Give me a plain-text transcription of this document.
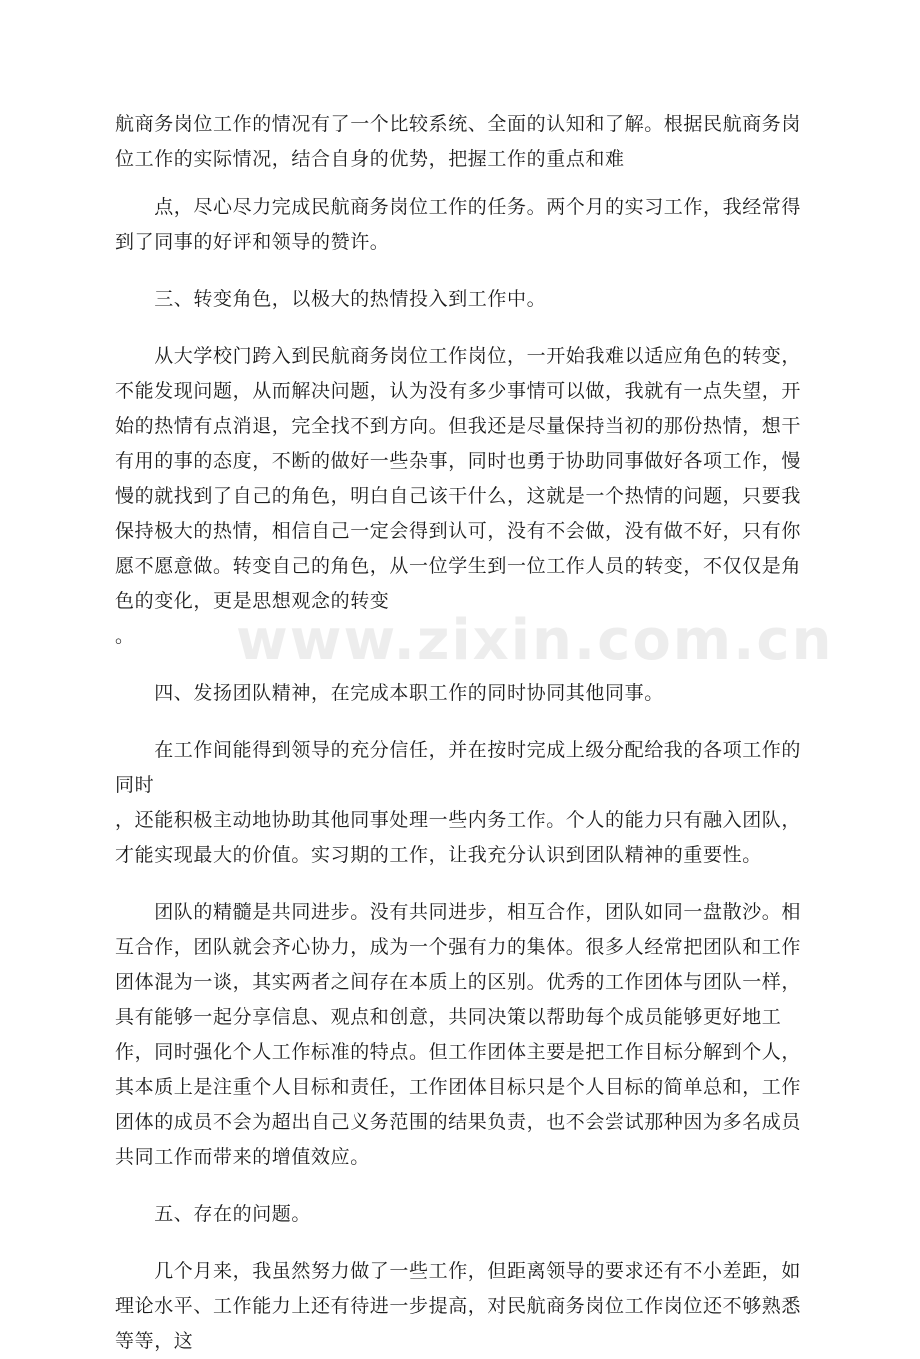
航商务岗位工作的情况有了一个比较系统、全面的认知和了解。根据民航商务岗位工作的实际情况，结合自身的优势，把握工作的重点和难

　　点，尽心尽力完成民航商务岗位工作的任务。两个月的实习工作，我经常得到了同事的好评和领导的赞许。

　　三、转变角色，以极大的热情投入到工作中。

　　从大学校门跨入到民航商务岗位工作岗位，一开始我难以适应角色的转变，不能发现问题，从而解决问题，认为没有多少事情可以做，我就有一点失望，开始的热情有点消退，完全找不到方向。但我还是尽量保持当初的那份热情，想干有用的事的态度，不断的做好一些杂事，同时也勇于协助同事做好各项工作，慢慢的就找到了自己的角色，明白自己该干什么，这就是一个热情的问题，只要我保持极大的热情，相信自己一定会得到认可，没有不会做，没有做不好，只有你愿不愿意做。转变自己的角色，从一位学生到一位工作人员的转变，不仅仅是角色的变化，更是思想观念的转变
。

　　四、发扬团队精神，在完成本职工作的同时协同其他同事。

　　在工作间能得到领导的充分信任，并在按时完成上级分配给我的各项工作的同时
，还能积极主动地协助其他同事处理一些内务工作。个人的能力只有融入团队，才能实现最大的价值。实习期的工作，让我充分认识到团队精神的重要性。

　　团队的精髓是共同进步。没有共同进步，相互合作，团队如同一盘散沙。相互合作，团队就会齐心协力，成为一个强有力的集体。很多人经常把团队和工作团体混为一谈，其实两者之间存在本质上的区别。优秀的工作团体与团队一样，具有能够一起分享信息、观点和创意，共同决策以帮助每个成员能够更好地工作，同时强化个人工作标准的特点。但工作团体主要是把工作目标分解到个人，其本质上是注重个人目标和责任，工作团体目标只是个人目标的简单总和，工作团体的成员不会为超出自己义务范围的结果负责，也不会尝试那种因为多名成员共同工作而带来的增值效应。

　　五、存在的问题。

　　几个月来，我虽然努力做了一些工作，但距离领导的要求还有不小差距，如理论水平、工作能力上还有待进一步提高，对民航商务岗位工作岗位还不够熟悉等等，这

www.zixin.com.cn
